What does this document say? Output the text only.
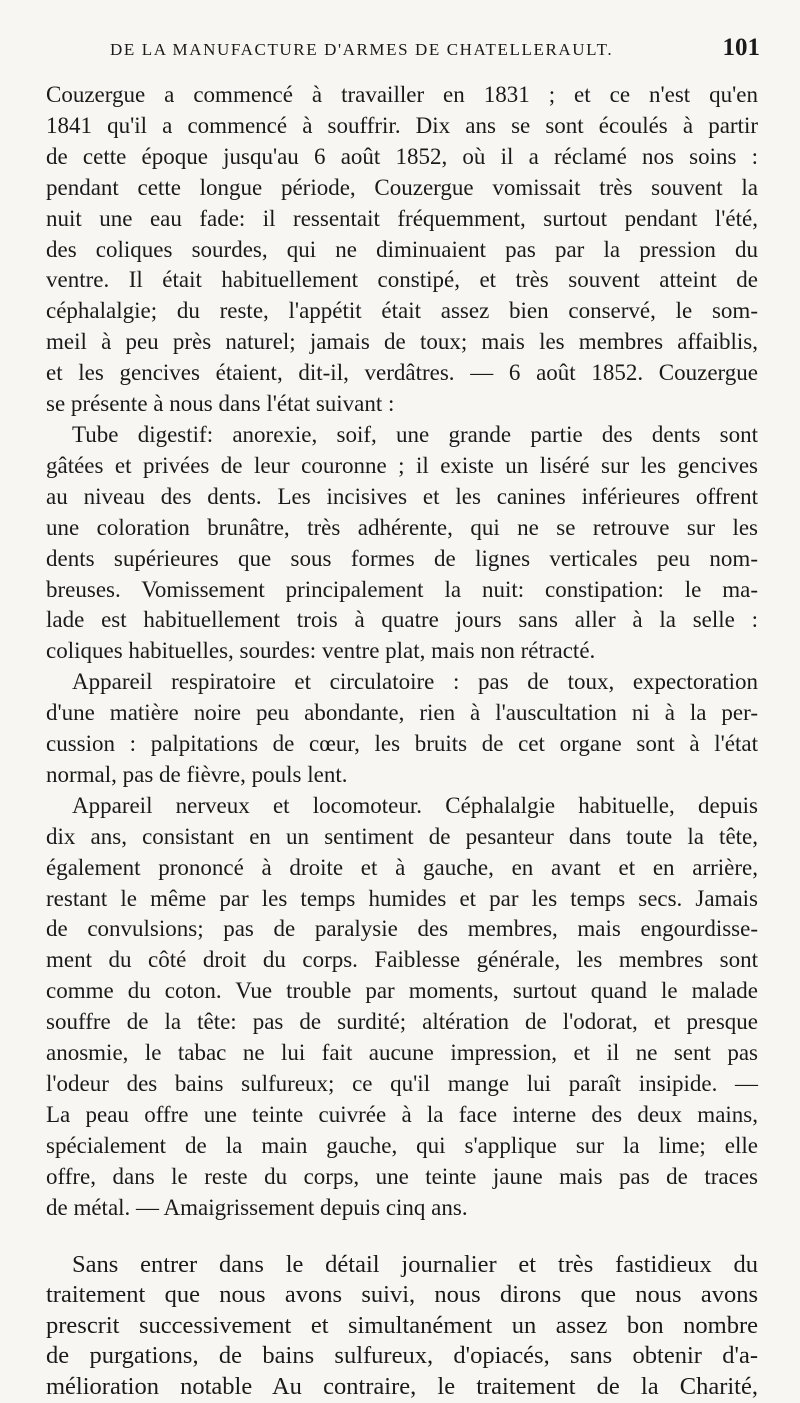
DE LA MANUFACTURE D'ARMES DE CHATELLERAULT.	101

Couzergue a commencé à travailler en 1831 ; et ce n'est qu'en

1841 qu'il a commencé à souffrir. Dix ans se sont écoulés à partir

de cette époque jusqu'au 6 août 1852, où il a réclamé nos soins :

pendant cette longue période, Couzergue vomissait très souvent la

nuit une eau fade: il ressentait fréquemment, surtout pendant l'été,

des coliques sourdes, qui ne diminuaient pas par la pression du

ventre. Il était habituellement constipé, et très souvent atteint de

céphalalgie; du reste, l'appétit était assez bien conservé, le som-

meil à peu près naturel; jamais de toux; mais les membres affaiblis,

et les gencives étaient, dit-il, verdâtres. — 6 août 1852. Couzergue

se présente à nous dans l'état suivant :

Tube digestif: anorexie, soif, une grande partie des dents sont

gâtées et privées de leur couronne ; il existe un liséré sur les gencives

au niveau des dents. Les incisives et les canines inférieures offrent

une coloration brunâtre, très adhérente, qui ne se retrouve sur les

dents supérieures que sous formes de lignes verticales peu nom-

breuses. Vomissement principalement la nuit: constipation: le ma-

lade est habituellement trois à quatre jours sans aller à la selle :

coliques habituelles, sourdes: ventre plat, mais non rétracté.

Appareil respiratoire et circulatoire : pas de toux, expectoration

d'une matière noire peu abondante, rien à l'auscultation ni à la per-

cussion : palpitations de cœur, les bruits de cet organe sont à l'état

normal, pas de fièvre, pouls lent.

Appareil nerveux et locomoteur. Céphalalgie habituelle, depuis

dix ans, consistant en un sentiment de pesanteur dans toute la tête,

également prononcé à droite et à gauche, en avant et en arrière,

restant le même par les temps humides et par les temps secs. Jamais

de convulsions; pas de paralysie des membres, mais engourdisse-

ment du côté droit du corps. Faiblesse générale, les membres sont

comme du coton. Vue trouble par moments, surtout quand le malade

souffre de la tête: pas de surdité; altération de l'odorat, et presque

anosmie, le tabac ne lui fait aucune impression, et il ne sent pas

l'odeur des bains sulfureux; ce qu'il mange lui paraît insipide. —

La peau offre une teinte cuivrée à la face interne des deux mains,

spécialement de la main gauche, qui s'applique sur la lime; elle

offre, dans le reste du corps, une teinte jaune mais pas de traces

de métal. — Amaigrissement depuis cinq ans.

Sans entrer dans le détail journalier et très fastidieux du

traitement que nous avons suivi, nous dirons que nous avons

prescrit successivement et simultanément un assez bon nombre

de purgations, de bains sulfureux, d'opiacés, sans obtenir d'a-

mélioration notable Au contraire, le traitement de la Charité,
